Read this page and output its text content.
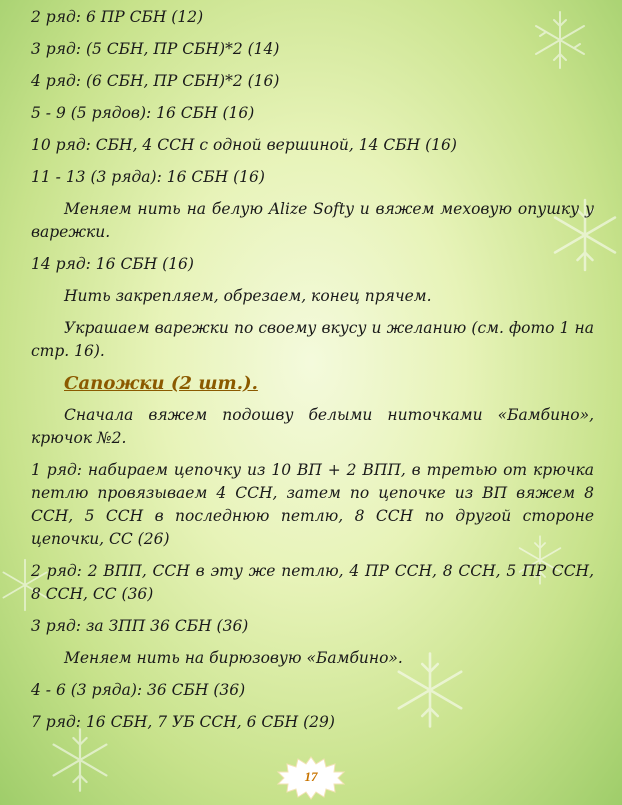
2 ряд: 6 ПР СБН (12)

3 ряд: (5 СБН, ПР СБН)*2 (14)

4 ряд: (6 СБН, ПР СБН)*2 (16)

5 - 9 (5 рядов): 16 СБН (16)

10 ряд: СБН, 4 ССН с одной вершиной, 14 СБН (16)

11 - 13 (3 ряда): 16 СБН (16)

Меняем нить на белую Alize Softy и вяжем меховую опушку у варежки.

14 ряд: 16 СБН (16)

Нить закрепляем, обрезаем, конец прячем.

Украшаем варежки по своему вкусу и желанию (см. фото 1 на стр. 16).

Сапожки (2 шт.).

Сначала вяжем подошву белыми ниточками «Бамбино», крючок №2.

1 ряд: набираем цепочку из 10 ВП + 2 ВПП, в третью от крючка петлю провязываем 4 ССН, затем по цепочке из ВП вяжем 8 ССН, 5 ССН в последнюю петлю, 8 ССН по другой стороне цепочки, СС (26)

2 ряд: 2 ВПП, ССН в эту же петлю, 4 ПР ССН, 8 ССН, 5 ПР ССН, 8 ССН, СС (36)

3 ряд: за ЗПП 36 СБН (36)

Меняем нить на бирюзовую «Бамбино».

4 - 6 (3 ряда): 36 СБН (36)

7 ряд: 16 СБН, 7 УБ ССН, 6 СБН (29)

17
